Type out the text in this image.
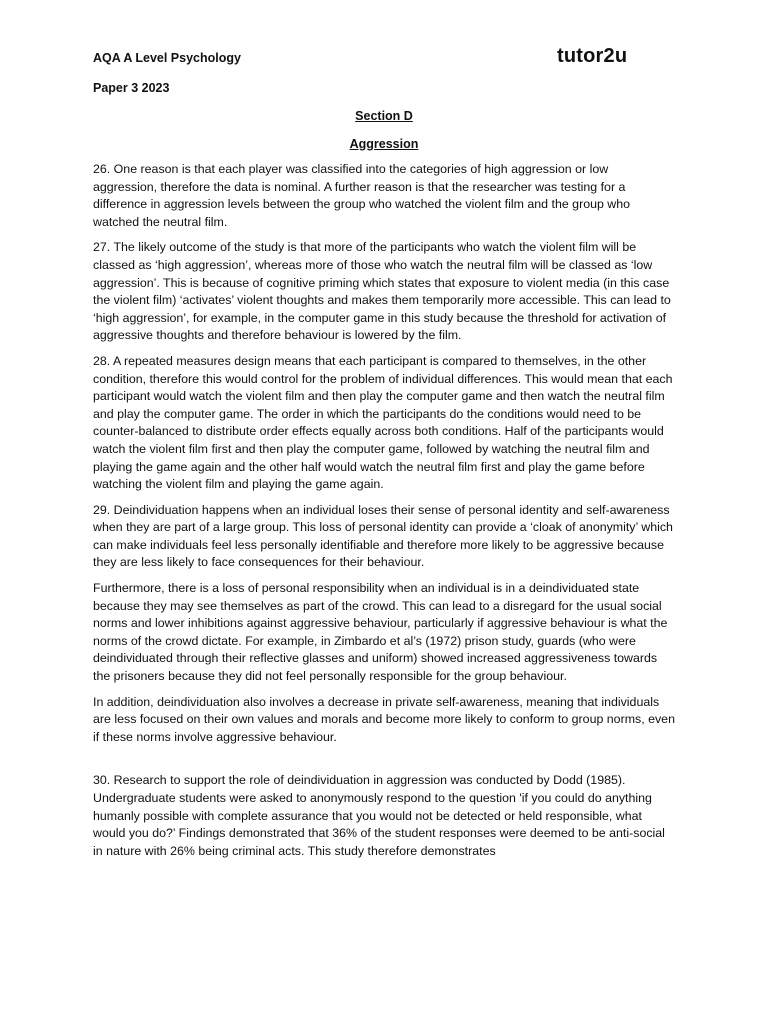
AQA A Level Psychology	tutor2u
Paper 3 2023
Section D
Aggression

26. One reason is that each player was classified into the categories of high aggression or low aggression, therefore the data is nominal. A further reason is that the researcher was testing for a difference in aggression levels between the group who watched the violent film and the group who watched the neutral film.

27. The likely outcome of the study is that more of the participants who watch the violent film will be classed as ‘high aggression’, whereas more of those who watch the neutral film will be classed as ‘low aggression’. This is because of cognitive priming which states that exposure to violent media (in this case the violent film) ‘activates’ violent thoughts and makes them temporarily more accessible. This can lead to ‘high aggression’, for example, in the computer game in this study because the threshold for activation of aggressive thoughts and therefore behaviour is lowered by the film.

28. A repeated measures design means that each participant is compared to themselves, in the other condition, therefore this would control for the problem of individual differences. This would mean that each participant would watch the violent film and then play the computer game and then watch the neutral film and play the computer game. The order in which the participants do the conditions would need to be counter-balanced to distribute order effects equally across both conditions. Half of the participants would watch the violent film first and then play the computer game, followed by watching the neutral film and playing the game again and the other half would watch the neutral film first and play the game before watching the violent film and playing the game again.

29. Deindividuation happens when an individual loses their sense of personal identity and self-awareness when they are part of a large group. This loss of personal identity can provide a ‘cloak of anonymity’ which can make individuals feel less personally identifiable and therefore more likely to be aggressive because they are less likely to face consequences for their behaviour.

Furthermore, there is a loss of personal responsibility when an individual is in a deindividuated state because they may see themselves as part of the crowd. This can lead to a disregard for the usual social norms and lower inhibitions against aggressive behaviour, particularly if aggressive behaviour is what the norms of the crowd dictate. For example, in Zimbardo et al’s (1972) prison study, guards (who were deindividuated through their reflective glasses and uniform) showed increased aggressiveness towards the prisoners because they did not feel personally responsible for the group behaviour.

In addition, deindividuation also involves a decrease in private self-awareness, meaning that individuals are less focused on their own values and morals and become more likely to conform to group norms, even if these norms involve aggressive behaviour.

30. Research to support the role of deindividuation in aggression was conducted by Dodd (1985). Undergraduate students were asked to anonymously respond to the question 'if you could do anything humanly possible with complete assurance that you would not be detected or held responsible, what would you do?’ Findings demonstrated that 36% of the student responses were deemed to be anti-social in nature with 26% being criminal acts. This study therefore demonstrates
